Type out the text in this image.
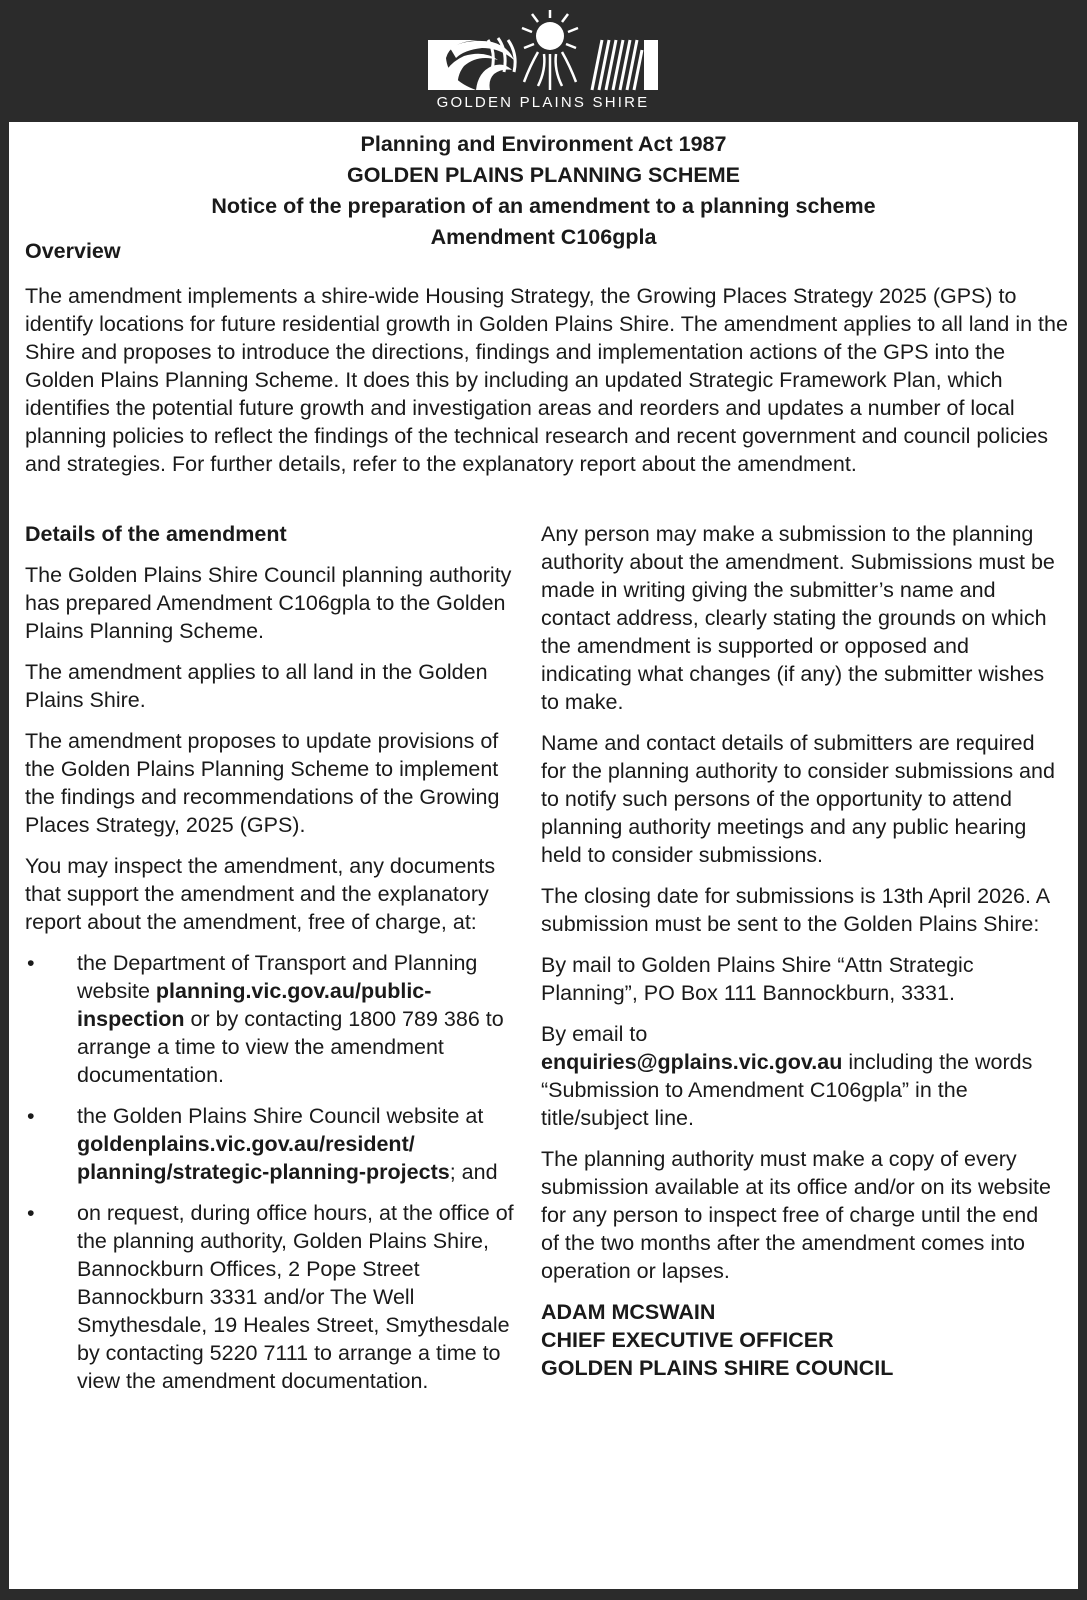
GOLDEN PLAINS SHIRE
Planning and Environment Act 1987
GOLDEN PLAINS PLANNING SCHEME
Notice of the preparation of an amendment to a planning scheme
Amendment C106gpla
Overview
The amendment implements a shire-wide Housing Strategy, the Growing Places Strategy 2025 (GPS) to identify locations for future residential growth in Golden Plains Shire. The amendment applies to all land in the Shire and proposes to introduce the directions, findings and implementation actions of the GPS into the Golden Plains Planning Scheme. It does this by including an updated Strategic Framework Plan, which identifies the potential future growth and investigation areas and reorders and updates a number of local planning policies to reflect the findings of the technical research and recent government and council policies and strategies. For further details, refer to the explanatory report about the amendment.

Details of the amendment

The Golden Plains Shire Council planning authority has prepared Amendment C106gpla to the Golden Plains Planning Scheme.

The amendment applies to all land in the Golden Plains Shire.

The amendment proposes to update provisions of the Golden Plains Planning Scheme to implement the findings and recommendations of the Growing Places Strategy, 2025 (GPS).

You may inspect the amendment, any documents that support the amendment and the explanatory report about the amendment, free of charge, at:

• the Department of Transport and Planning website planning.vic.gov.au/public-inspection or by contacting 1800 789 386 to arrange a time to view the amendment documentation.
• the Golden Plains Shire Council website at goldenplains.vic.gov.au/resident/ planning/strategic-planning-projects; and
• on request, during office hours, at the office of the planning authority, Golden Plains Shire, Bannockburn Offices, 2 Pope Street Bannockburn 3331 and/or The Well Smythesdale, 19 Heales Street, Smythesdale by contacting 5220 7111 to arrange a time to view the amendment documentation.

Any person may make a submission to the planning authority about the amendment. Submissions must be made in writing giving the submitter’s name and contact address, clearly stating the grounds on which the amendment is supported or opposed and indicating what changes (if any) the submitter wishes to make.

Name and contact details of submitters are required for the planning authority to consider submissions and to notify such persons of the opportunity to attend planning authority meetings and any public hearing held to consider submissions.

The closing date for submissions is 13th April 2026. A submission must be sent to the Golden Plains Shire:

By mail to Golden Plains Shire “Attn Strategic Planning”, PO Box 111 Bannockburn, 3331.

By email to
enquiries@gplains.vic.gov.au including the words “Submission to Amendment C106gpla” in the title/subject line.

The planning authority must make a copy of every submission available at its office and/or on its website for any person to inspect free of charge until the end of the two months after the amendment comes into operation or lapses.

ADAM MCSWAIN
CHIEF EXECUTIVE OFFICER
GOLDEN PLAINS SHIRE COUNCIL
